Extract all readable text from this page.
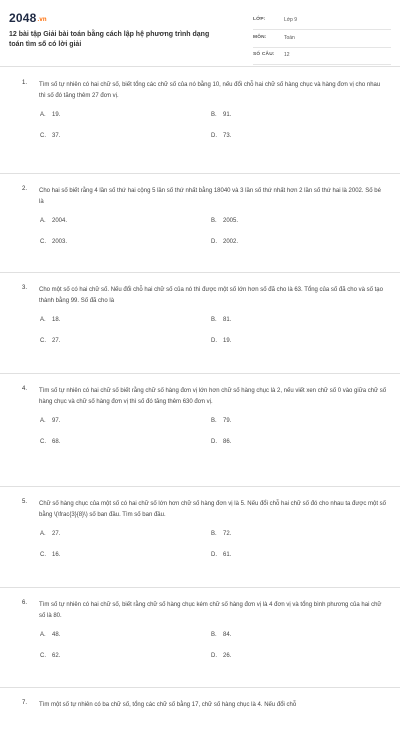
2048.vn
12 bài tập Giải bài toán bằng cách lập hệ phương trình dạng toán tìm số có lời giải
LỚP:	Lớp 9
MÔN:	Toán
SỐ CÂU: 12
1. Tìm số tự nhiên có hai chữ số, biết tổng các chữ số của nó bằng 10, nếu đổi chỗ hai chữ số hàng chục và hàng đơn vị cho nhau thì số đó tăng thêm 27 đơn vị.
A. 19.	B. 91.
C. 37.	D. 73.
2. Cho hai số biết rằng 4 lần số thứ hai cộng 5 lần số thứ nhất bằng 18040 và 3 lần số thứ nhất hơn 2 lần số thứ hai là 2002. Số bé là
A. 2004.	B. 2005.
C. 2003.	D. 2002.
3. Cho một số có hai chữ số. Nếu đổi chỗ hai chữ số của nó thì được một số lớn hơn số đã cho là 63. Tổng của số đã cho và số tạo thành bằng 99. Số đã cho là
A. 18.	B. 81.
C. 27.	D. 19.
4. Tìm số tự nhiên có hai chữ số biết rằng chữ số hàng đơn vị lớn hơn chữ số hàng chục là 2, nếu viết xen chữ số 0 vào giữa chữ số hàng chục và chữ số hàng đơn vị thì số đó tăng thêm 630 đơn vị.
A. 97.	B. 79.
C. 68.	D. 86.
5. Chữ số hàng chục của một số có hai chữ số lớn hơn chữ số hàng đơn vị là 5. Nếu đổi chỗ hai chữ số đó cho nhau ta được một số bằng \(\frac{3}{8}\) số ban đầu. Tìm số ban đầu.
A. 27.	B. 72.
C. 16.	D. 61.
6. Tìm số tự nhiên có hai chữ số, biết rằng chữ số hàng chục kém chữ số hàng đơn vị là 4 đơn vị và tổng bình phương của hai chữ số là 80.
A. 48.	B. 84.
C. 62.	D. 26.
7. Tìm một số tự nhiên có ba chữ số, tổng các chữ số bằng 17, chữ số hàng chục là 4. Nếu đổi chỗ
